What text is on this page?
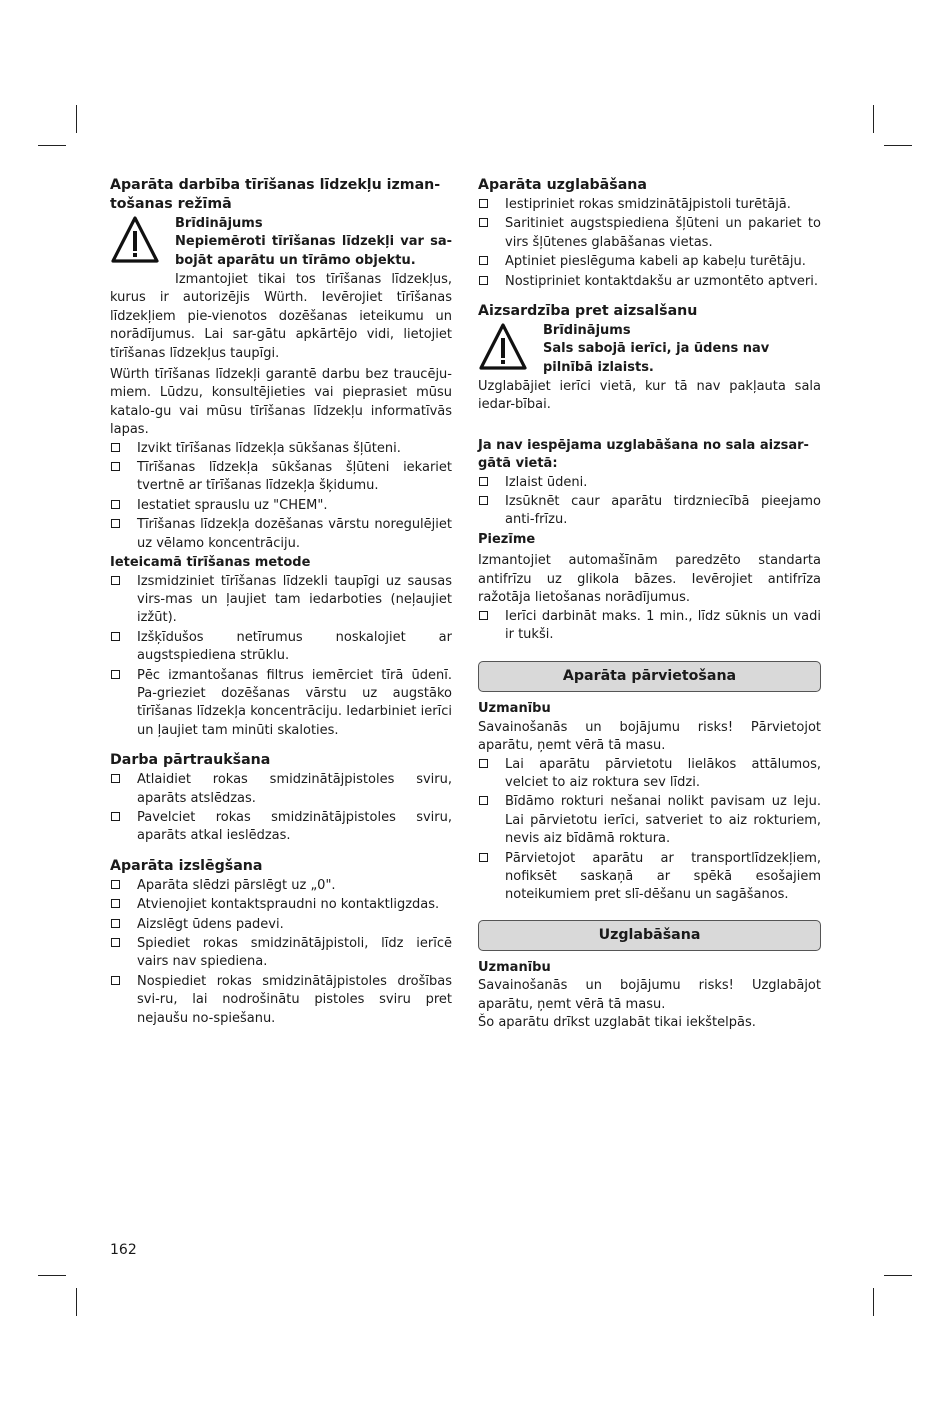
Aparāta darbība tīrīšanas līdzekļu izman-tošanas režīmā
Brīdinājums
Nepiemēroti tīrīšanas līdzekļi var sa-bojāt aparātu un tīrāmo objektu.
Izmantojiet tikai tos tīrīšanas līdzekļus, kurus ir autorizējis Würth. Ievērojiet tīrīšanas līdzekļiem pie-vienotos dozēšanas ieteikumu un norādījumus. Lai sar-gātu apkārtējo vidi, lietojiet tīrīšanas līdzekļus taupīgi.
Würth tīrīšanas līdzekļi garantē darbu bez traucēju-miem. Lūdzu, konsultējieties vai pieprasiet mūsu katalo-gu vai mūsu tīrīšanas līdzekļu informatīvās lapas.
Izvikt tīrīšanas līdzekļa sūkšanas šļūteni.
Tīrīšanas līdzekļa sūkšanas šļūteni iekariet tvertnē ar tīrīšanas līdzekļa šķidumu.
Iestatiet sprauslu uz "CHEM".
Tīrīšanas līdzekļa dozēšanas vārstu noregulējiet uz vēlamo koncentrāciju.
Ieteicamā tīrīšanas metode
Izsmidziniet tīrīšanas līdzekli taupīgi uz sausas virs-mas un ļaujiet tam iedarboties (neļaujiet izžūt).
Izšķīdušos netīrumus noskalojiet ar augstspiediena strūklu.
Pēc izmantošanas filtrus iemērciet tīrā ūdenī. Pa-grieziet dozēšanas vārstu uz augstāko tīrīšanas līdzekļa koncentrāciju. Iedarbiniet ierīci un ļaujiet tam minūti skaloties.
Darba pārtraukšana
Atlaidiet rokas smidzinātājpistoles sviru, aparāts atslēdzas.
Pavelciet rokas smidzinātājpistoles sviru, aparāts atkal ieslēdzas.
Aparāta izslēgšana
Aparāta slēdzi pārslēgt uz „0".
Atvienojiet kontaktspraudni no kontaktligzdas.
Aizslēgt ūdens padevi.
Spiediet rokas smidzinātājpistoli, līdz ierīcē vairs nav spiediena.
Nospiediet rokas smidzinātājpistoles drošības svi-ru, lai nodrošinātu pistoles sviru pret nejaušu no-spiešanu.
Aparāta uzglabāšana
Iestipriniet rokas smidzinātājpistoli turētājā.
Saritiniet augstspiediena šļūteni un pakariet to virs šļūtenes glabāšanas vietas.
Aptiniet pieslēguma kabeli ap kabeļu turētāju.
Nostipriniet kontaktdakšu ar uzmontēto aptveri.
Aizsardzība pret aizsalšanu
Brīdinājums
Sals sabojā ierīci, ja ūdens nav pilnībā izlaists.
Uzglabājiet ierīci vietā, kur tā nav pakļauta sala iedar-bībai.
Ja nav iespējama uzglabāšana no sala aizsar-gātā vietā:
Izlaist ūdeni.
Izsūknēt caur aparātu tirdzniecībā pieejamo anti-frīzu.
Piezīme
Izmantojiet automašīnām paredzēto standarta antifrīzu uz glikola bāzes. Ievērojiet antifrīza ražotāja lietošanas norādījumus.
Ierīci darbināt maks. 1 min., līdz sūknis un vadi ir tukši.
Aparāta pārvietošana
Uzmanību
Savainošanās un bojājumu risks! Pārvietojot aparātu, ņemt vērā tā masu.
Lai aparātu pārvietotu lielākos attālumos, velciet to aiz roktura sev līdzi.
Bīdāmo rokturi nešanai nolikt pavisam uz leju. Lai pārvietotu ierīci, satveriet to aiz rokturiem, nevis aiz bīdāmā roktura.
Pārvietojot aparātu ar transportlīdzekļiem, nofiksēt saskaņā ar spēkā esošajiem noteikumiem pret slī-dēšanu un sagāšanos.
Uzglabāšana
Uzmanību
Savainošanās un bojājumu risks! Uzglabājot aparātu, ņemt vērā tā masu.
Šo aparātu drīkst uzglabāt tikai iekštelpās.
162
